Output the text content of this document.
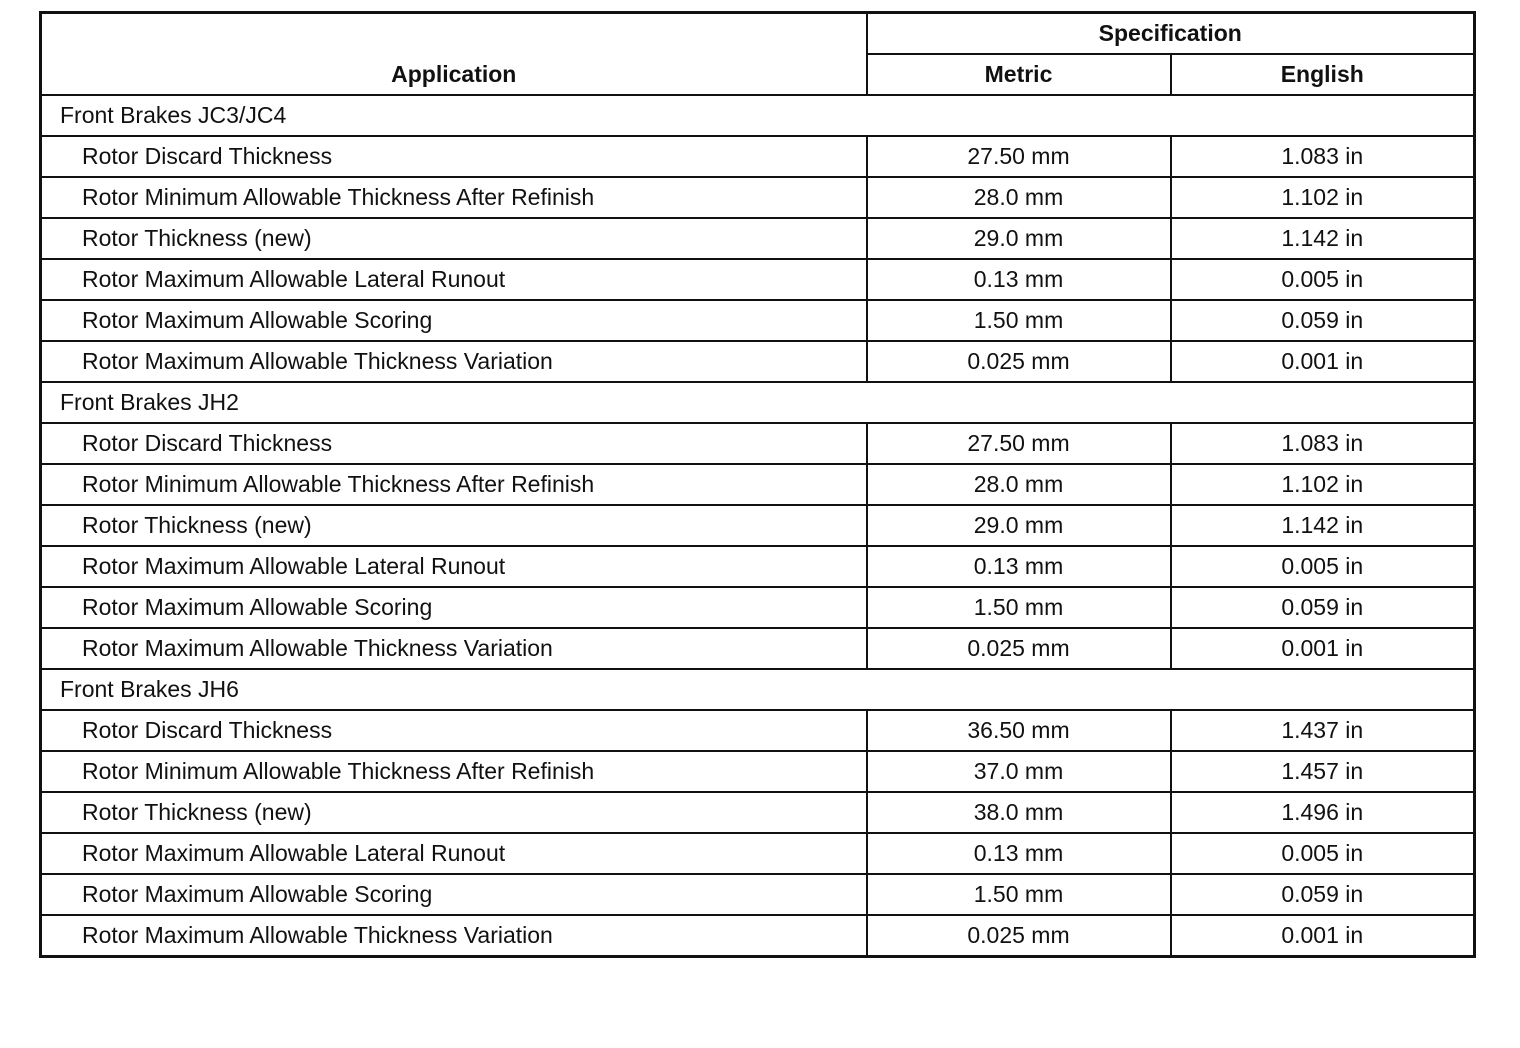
Application	Specification	
	Metric	English
Front Brakes JC3/JC4		
Rotor Discard Thickness	27.50 mm	1.083 in
Rotor Minimum Allowable Thickness After Refinish	28.0 mm	1.102 in
Rotor Thickness (new)	29.0 mm	1.142 in
Rotor Maximum Allowable Lateral Runout	0.13 mm	0.005 in
Rotor Maximum Allowable Scoring	1.50 mm	0.059 in
Rotor Maximum Allowable Thickness Variation	0.025 mm	0.001 in
Front Brakes JH2		
Rotor Discard Thickness	27.50 mm	1.083 in
Rotor Minimum Allowable Thickness After Refinish	28.0 mm	1.102 in
Rotor Thickness (new)	29.0 mm	1.142 in
Rotor Maximum Allowable Lateral Runout	0.13 mm	0.005 in
Rotor Maximum Allowable Scoring	1.50 mm	0.059 in
Rotor Maximum Allowable Thickness Variation	0.025 mm	0.001 in
Front Brakes JH6		
Rotor Discard Thickness	36.50 mm	1.437 in
Rotor Minimum Allowable Thickness After Refinish	37.0 mm	1.457 in
Rotor Thickness (new)	38.0 mm	1.496 in
Rotor Maximum Allowable Lateral Runout	0.13 mm	0.005 in
Rotor Maximum Allowable Scoring	1.50 mm	0.059 in
Rotor Maximum Allowable Thickness Variation	0.025 mm	0.001 in
